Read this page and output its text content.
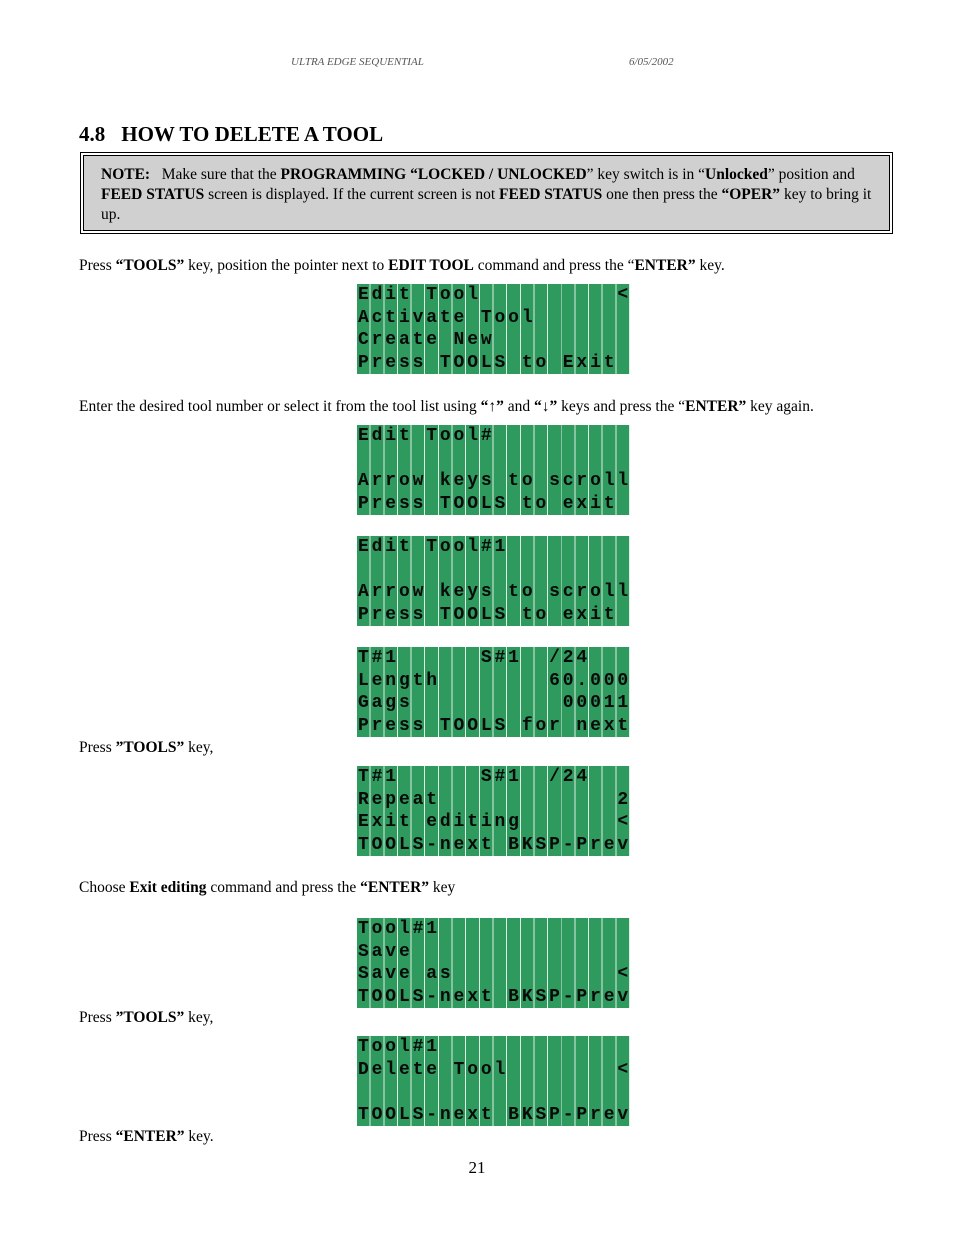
ULTRA EDGE SEQUENTIAL	6/05/2002
4.8 HOW TO DELETE A TOOL
NOTE: Make sure that the PROGRAMMING “LOCKED / UNLOCKED” key switch is in “Unlocked” position and FEED STATUS screen is displayed. If the current screen is not FEED STATUS one then press the “OPER” key to bring it up.
Press “TOOLS” key, position the pointer next to EDIT TOOL command and press the “ENTER” key.
Edit Tool          <
Activate Tool
Create New
Press TOOLS to Exit
Enter the desired tool number or select it from the tool list using “↑” and “↓” keys and press the “ENTER” key again.
Edit Tool#
Arrow keys to scroll
Press TOOLS to exit
Edit Tool#1
Arrow keys to scroll
Press TOOLS to exit
T#1      S#1  /24
Length        60.000
Gags           00011
Press TOOLS for next
Press ”TOOLS” key,
T#1      S#1  /24
Repeat             2
Exit editing       <
TOOLS-next BKSP-Prev
Choose Exit editing command and press the “ENTER” key
Tool#1
Save
Save as            <
TOOLS-next BKSP-Prev
Press ”TOOLS” key,
Tool#1
Delete Tool        <
TOOLS-next BKSP-Prev
Press “ENTER” key.
21
